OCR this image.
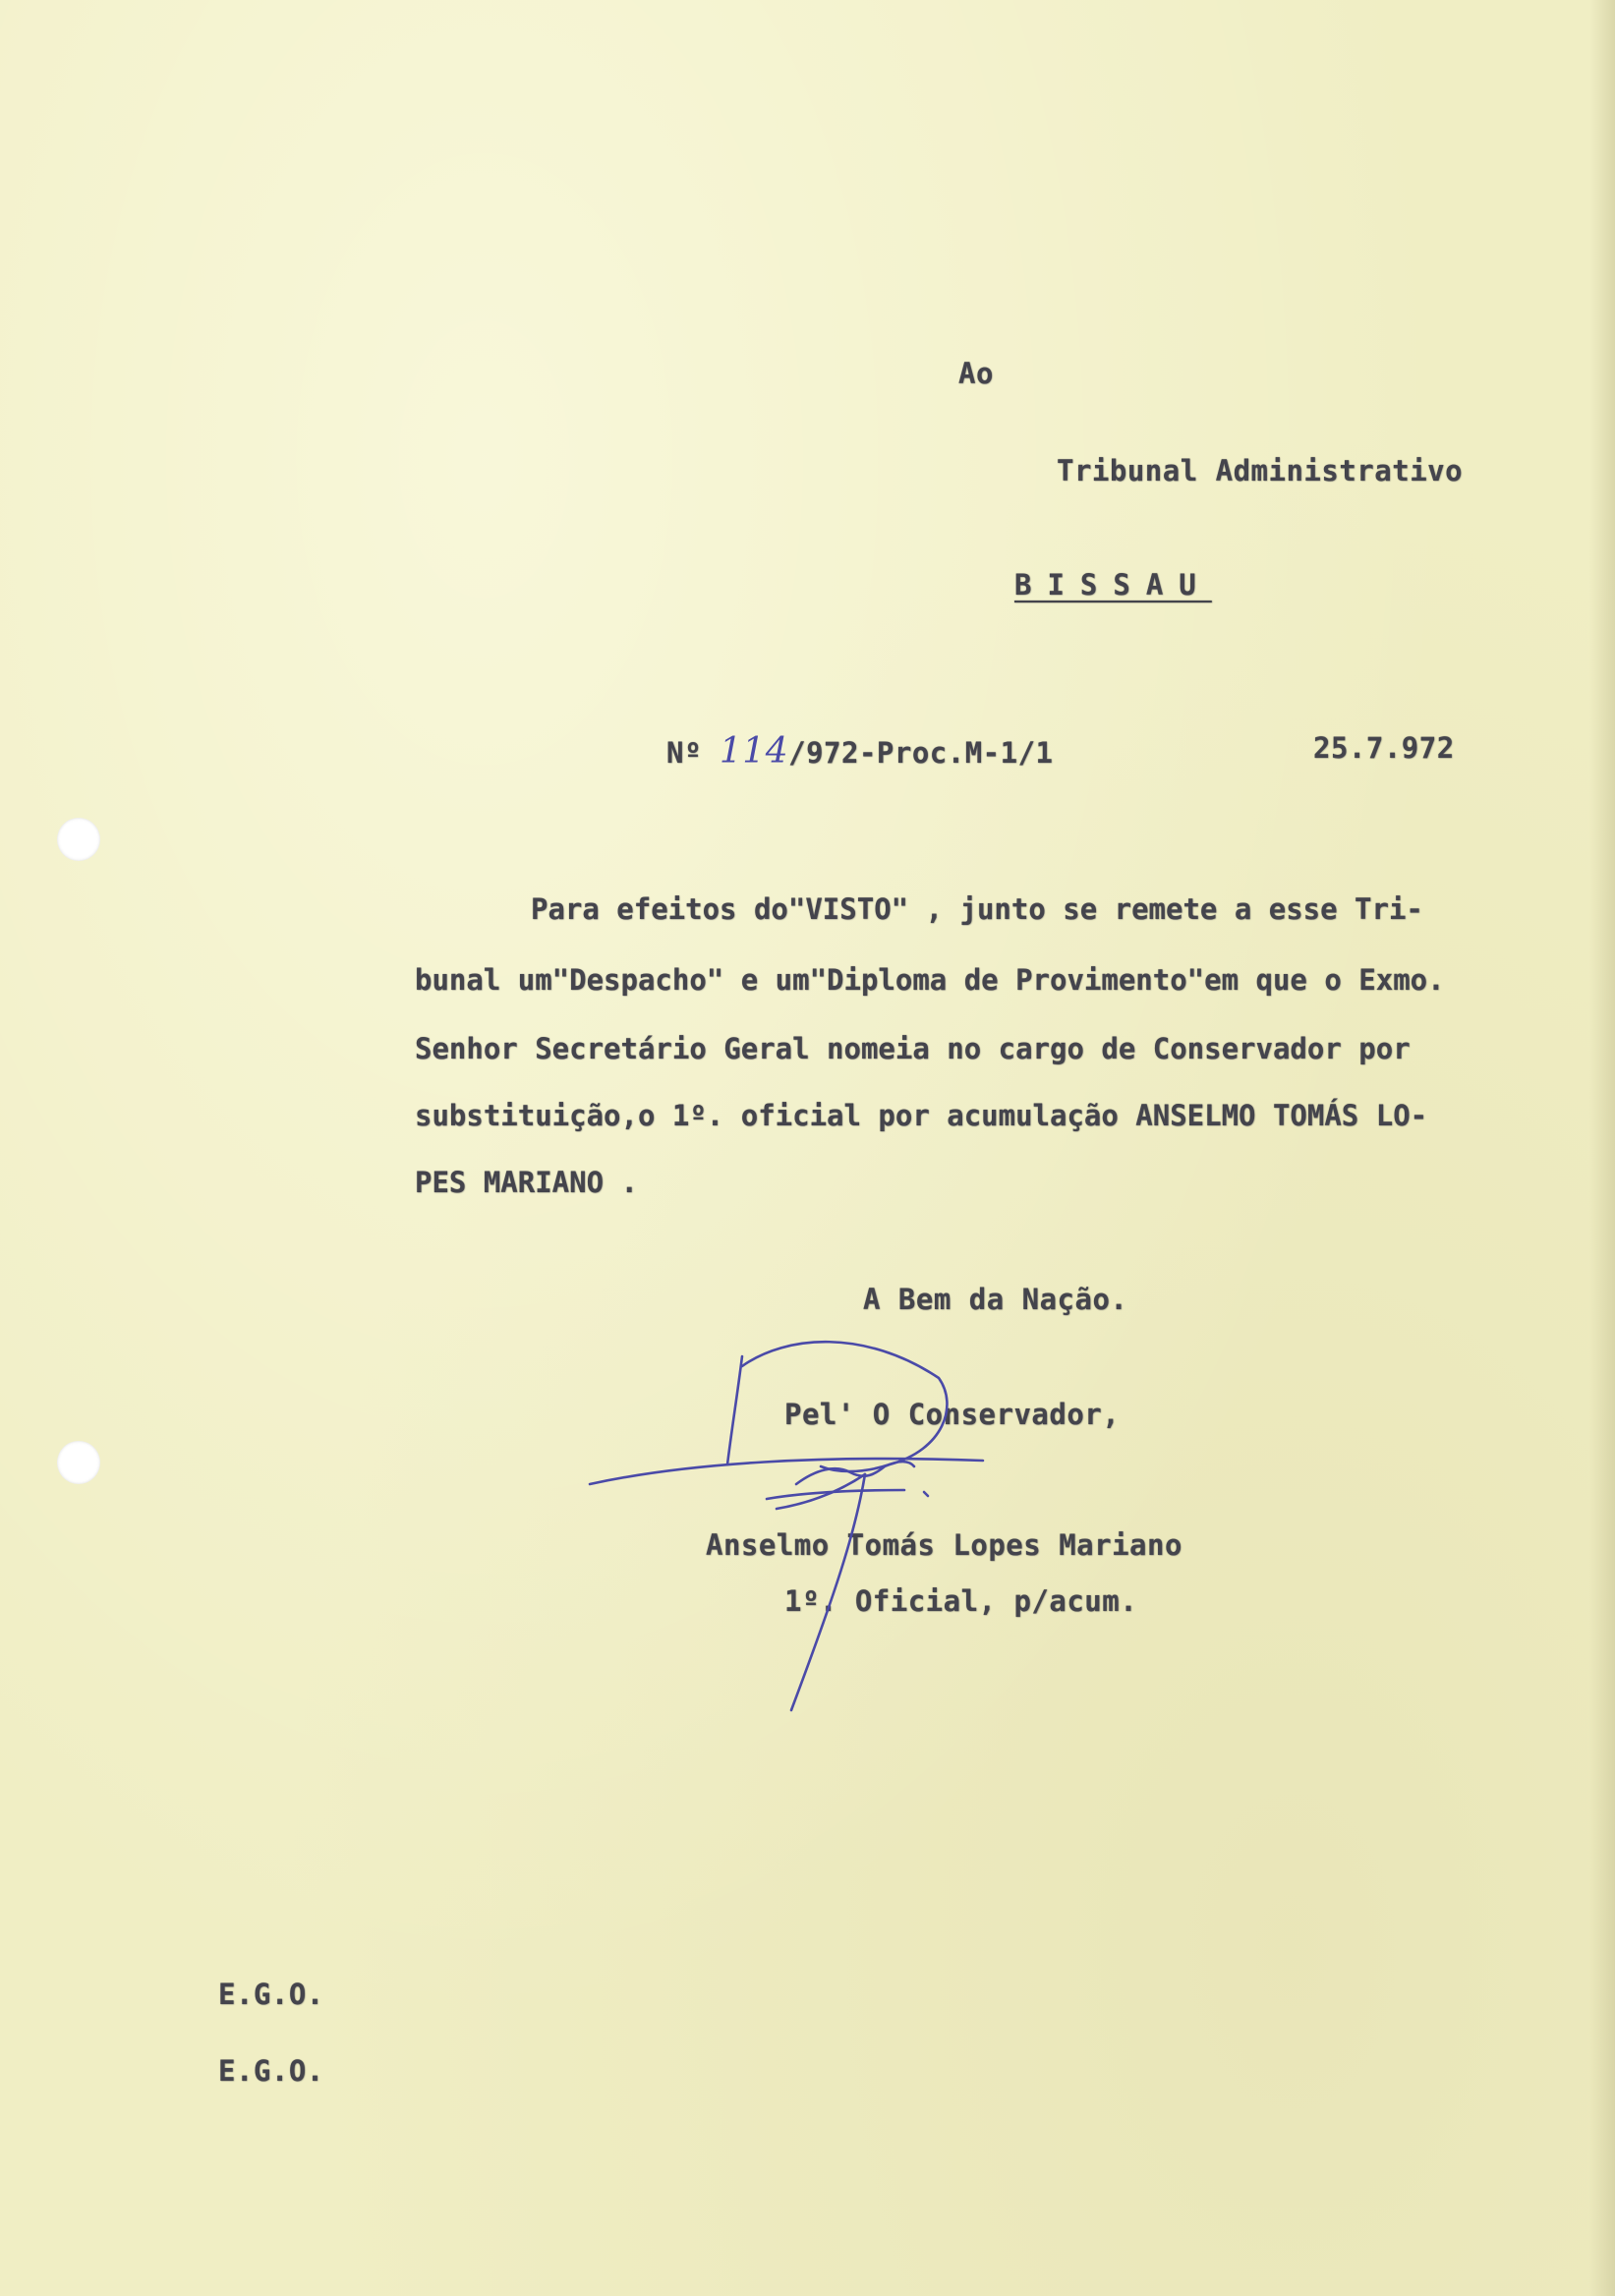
Ao
Tribunal Administrativo
BISSAU
Nº 114/972-Proc.M-1/1	25.7.972
Para efeitos do"VISTO" , junto se remete a esse Tri-
bunal um"Despacho" e um"Diploma de Provimento"em que o Exmo.
Senhor Secretário Geral nomeia no cargo de Conservador por
substituição,o 1º. oficial por acumulação ANSELMO TOMÁS LO-
PES MARIANO .
A Bem da Nação.
Pel' O Conservador,
Anselmo Tomás Lopes Mariano
1º. Oficial, p/acum.
E.G.O.
E.G.O.
